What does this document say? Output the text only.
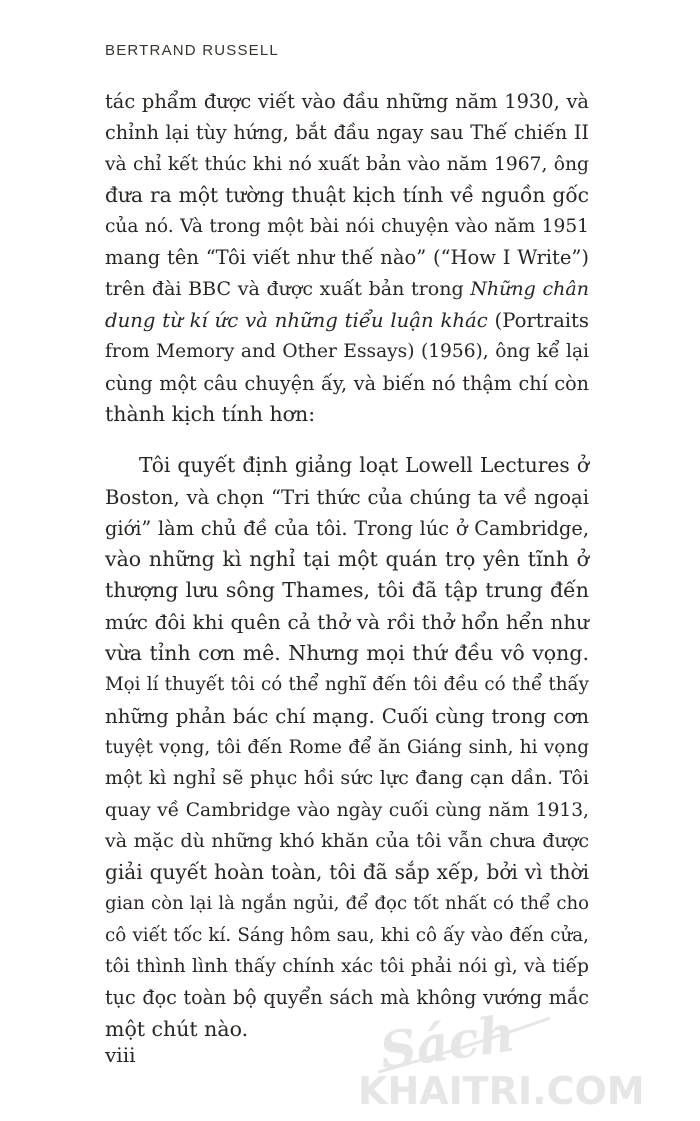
BERTRAND RUSSELL
tác phẩm được viết vào đầu những năm 1930, và
chỉnh lại tùy hứng, bắt đầu ngay sau Thế chiến II
và chỉ kết thúc khi nó xuất bản vào năm 1967, ông
đưa ra một tường thuật kịch tính về nguồn gốc
của nó. Và trong một bài nói chuyện vào năm 1951
mang tên “Tôi viết như thế nào” (“How I Write”)
trên đài BBC và được xuất bản trong Những chân
dung từ kí ức và những tiểu luận khác (Portraits
from Memory and Other Essays) (1956), ông kể lại
cùng một câu chuyện ấy, và biến nó thậm chí còn
thành kịch tính hơn:
Tôi quyết định giảng loạt Lowell Lectures ở
Boston, và chọn “Tri thức của chúng ta về ngoại
giới” làm chủ đề của tôi. Trong lúc ở Cambridge,
vào những kì nghỉ tại một quán trọ yên tĩnh ở
thượng lưu sông Thames, tôi đã tập trung đến
mức đôi khi quên cả thở và rồi thở hổn hển như
vừa tỉnh cơn mê. Nhưng mọi thứ đều vô vọng.
Mọi lí thuyết tôi có thể nghĩ đến tôi đều có thể thấy
những phản bác chí mạng. Cuối cùng trong cơn
tuyệt vọng, tôi đến Rome để ăn Giáng sinh, hi vọng
một kì nghỉ sẽ phục hồi sức lực đang cạn dần. Tôi
quay về Cambridge vào ngày cuối cùng năm 1913,
và mặc dù những khó khăn của tôi vẫn chưa được
giải quyết hoàn toàn, tôi đã sắp xếp, bởi vì thời
gian còn lại là ngắn ngủi, để đọc tốt nhất có thể cho
cô viết tốc kí. Sáng hôm sau, khi cô ấy vào đến cửa,
tôi thình lình thấy chính xác tôi phải nói gì, và tiếp
tục đọc toàn bộ quyển sách mà không vướng mắc
một chút nào.
viii	Sách
KHAITRI.COM
